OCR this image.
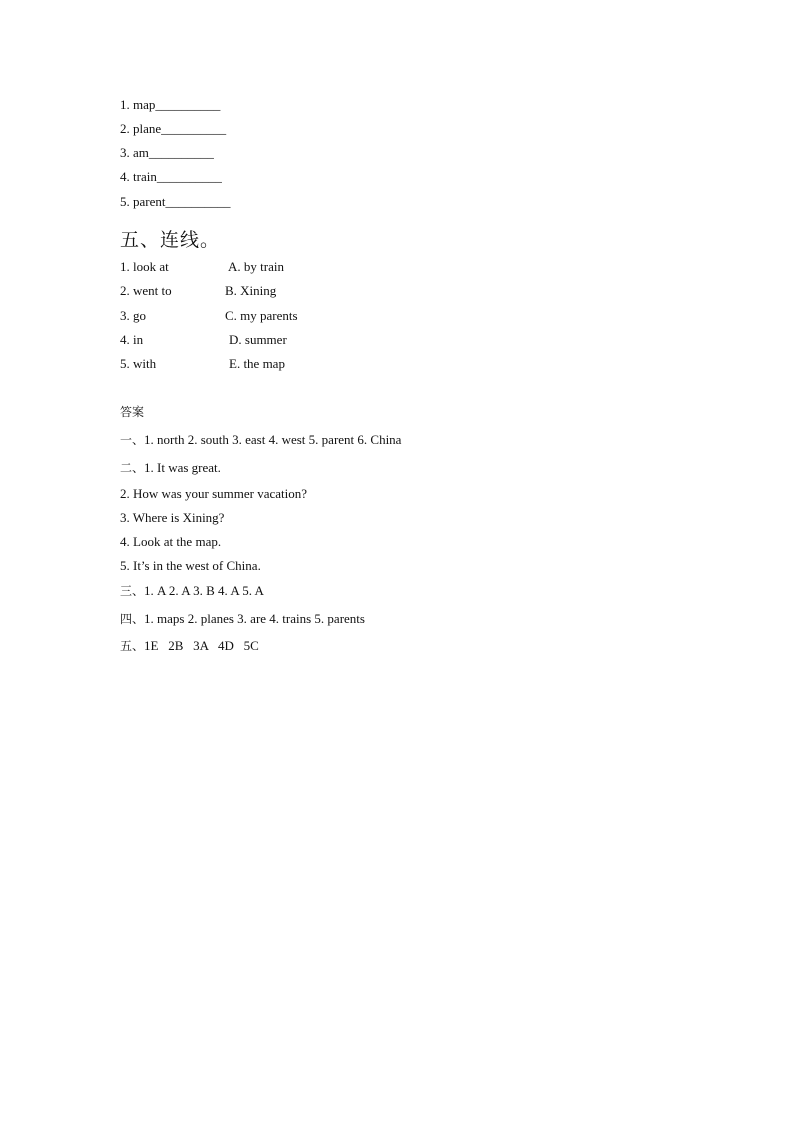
1. map__________
2. plane__________
3. am__________
4. train__________
5. parent__________
五、连线。
1. look at	A. by train
2. went to	B. Xining
3. go	C. my parents
4. in	D. summer
5. with	E. the map
答案
一、1. north 2. south 3. east 4. west 5. parent 6. China
二、1. It was great.
2. How was your summer vacation?
3. Where is Xining?
4. Look at the map.
5. It’s in the west of China.
三、1. A 2. A 3. B 4. A 5. A
四、1. maps 2. planes 3. are 4. trains 5. parents
五、1E   2B   3A   4D   5C
